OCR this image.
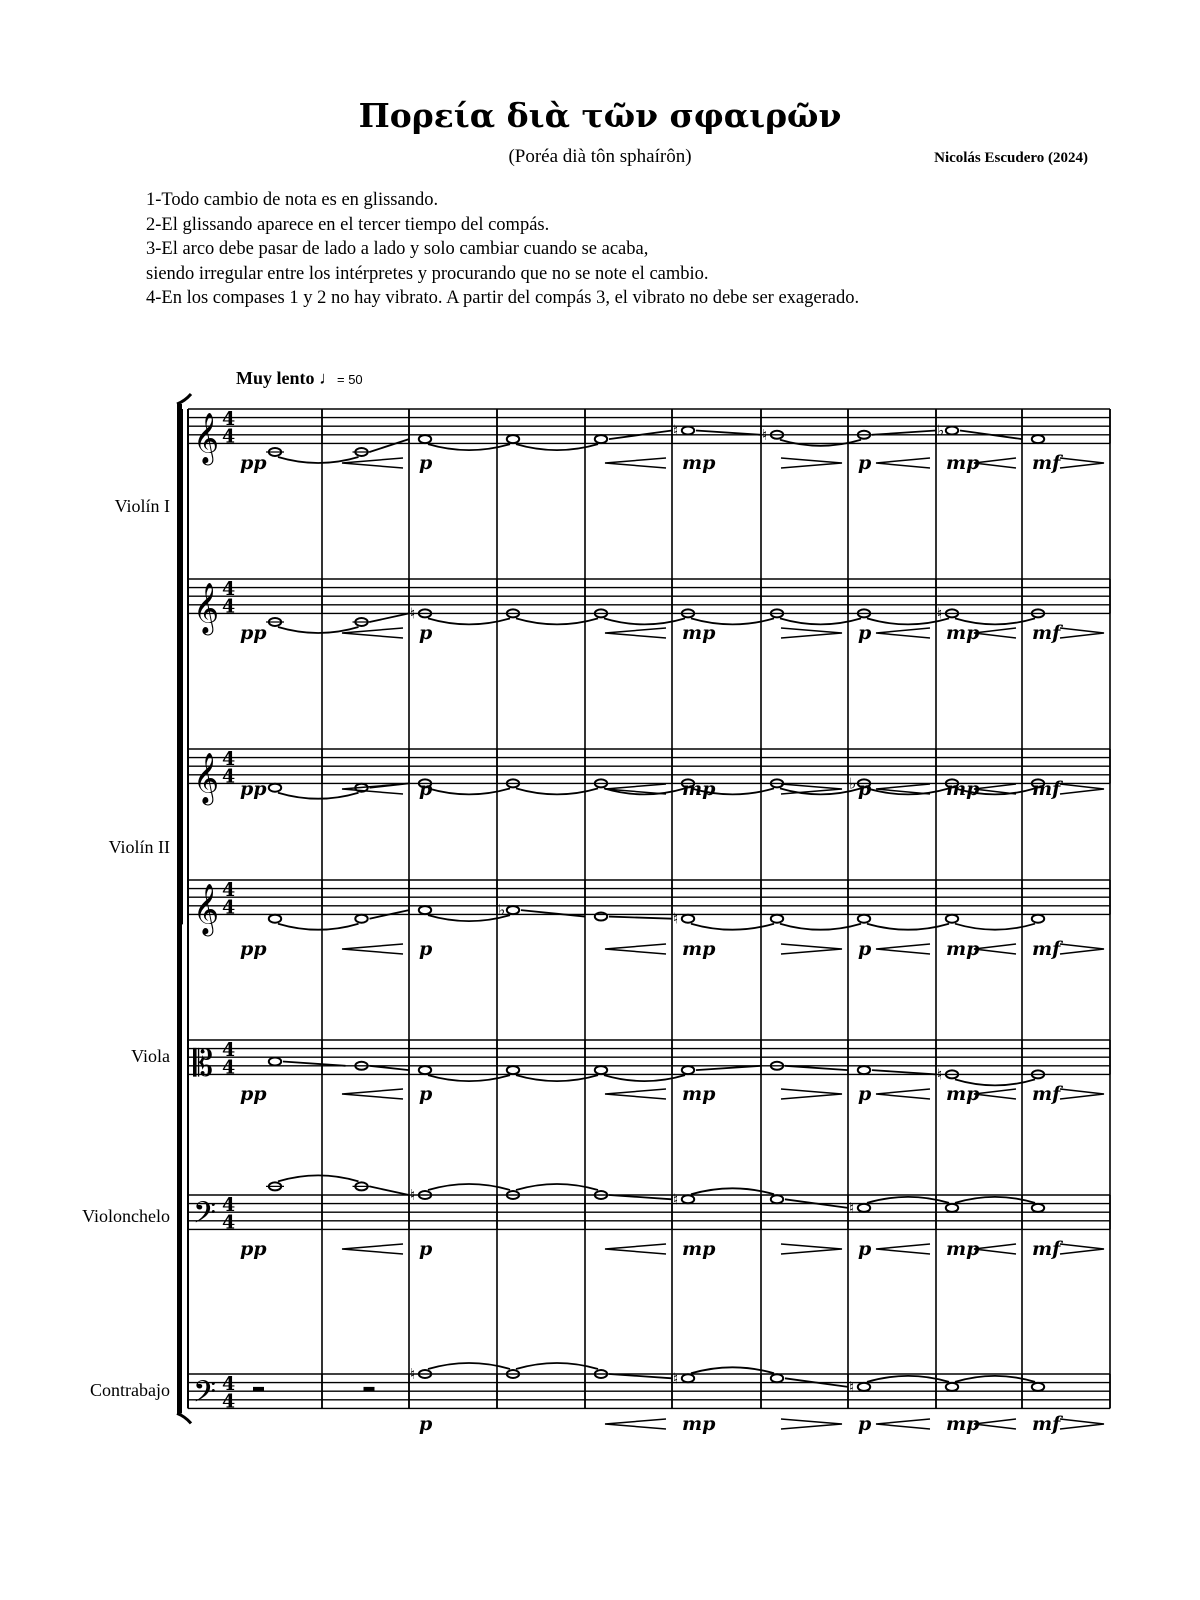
Πορεία διὰ τῶν σφαιρῶν
(Poréa dià tôn sphaírôn)	Nicolás Escudero (2024)
1-Todo cambio de nota es en glissando.
2-El glissando aparece en el tercer tiempo del compás.
3-El arco debe pasar de lado a lado y solo cambiar cuando se acaba,
siendo irregular entre los intérpretes y procurando que no se note el cambio.
4-En los compases 1 y 2 no hay vibrato. A partir del compás 3, el vibrato no debe ser exagerado.
Muy lento ♩= 50
Violín I
Violín II
Viola
Violonchelo
Contrabajo
𝄞 4
4
𝄞 4
4
𝄞 4
4
𝄞 4
4
𝄡 4
4
𝄢 4
4
𝄢 4
4
♮	♮	♭
♮	♮
♭
♭	♮
♮
♮	♮	♮
♮	♮	♮
pp	p	mp	p	mp	mf
pp	p	mp	p	mp	mf
pp	p	mp	p	mp	mf
pp	p	mp	p	mp	mf
pp	p	mp	p	mp	mf
pp	p	mp	p	mp	mf
p	mp	p	mp	mf
